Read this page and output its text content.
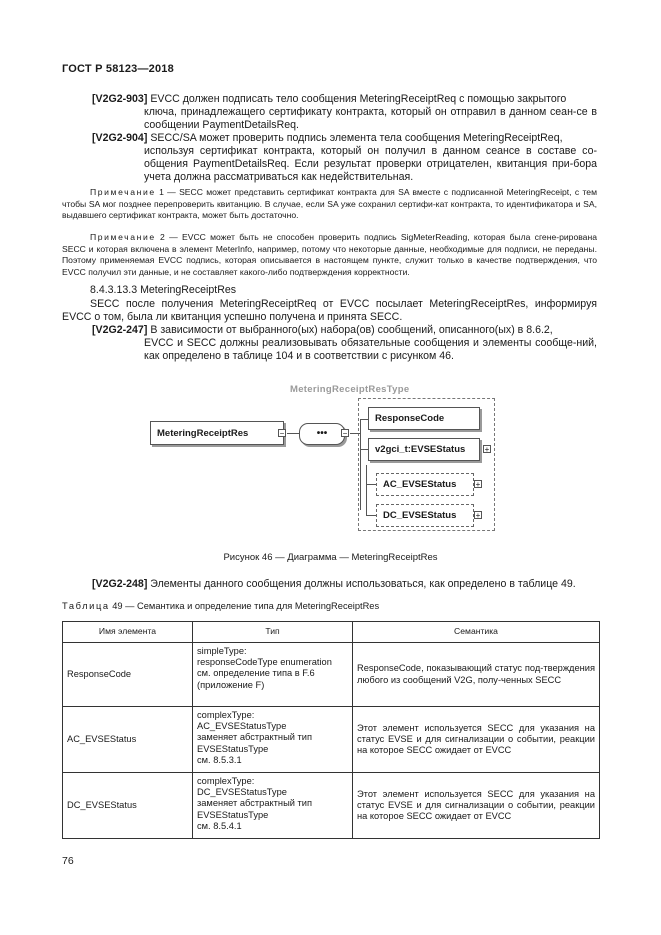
ГОСТ Р 58123—2018
[V2G2-903] EVCC должен подписать тело сообщения MeteringReceiptReq с помощью закрытого
ключа, принадлежащего сертификату контракта, который он отправил в данном сеан-се в сообщении PaymentDetailsReq.
[V2G2-904] SECC/SA может проверить подпись элемента тела сообщения MeteringReceiptReq,
используя сертификат контракта, который он получил в данном сеансе в составе со-общения PaymentDetailsReq. Если результат проверки отрицателен, квитанция при-бора учета должна рассматриваться как недействительная.
Примечание 1 — SECC может представить сертификат контракта для SA вместе с подписанной MeteringReceipt, с тем чтобы SA мог позднее перепроверить квитанцию. В случае, если SA уже сохранил сертифи-кат контракта, то идентификатора и SA, выдавшего сертификат контракта, может быть достаточно.
Примечание 2 — EVCC может быть не способен проверить подпись SigMeterReading, которая была сгене-рирована SECC и которая включена в элемент MeterInfo, например, потому что некоторые данные, необходимые для подписи, не переданы. Поэтому применяемая EVCC подпись, которая описывается в настоящем пункте, служит только в качестве подтверждения, что EVCC получил эти данные, и не составляет какого-либо подтверждения корректности.
8.4.3.13.3 MeteringReceiptRes
SECC после получения MeteringReceiptReq от EVCC посылает MeteringReceiptRes, информируя EVCC о том, была ли квитанция успешно получена и принята SECC.
[V2G2-247] В зависимости от выбранного(ых) набора(ов) сообщений, описанного(ых) в 8.6.2,
EVCC и SECC должны реализовывать обязательные сообщения и элементы сообще-ний, как определено в таблице 104 и в соответствии с рисунком 46.
MeteringReceiptResType
MeteringReceiptRes	−	•••	−
ResponseCode
v2gci_t:EVSEStatus +
AC_EVSEStatus +
DC_EVSEStatus +
Рисунок 46 — Диаграмма — MeteringReceiptRes
[V2G2-248] Элементы данного сообщения должны использоваться, как определено в таблице 49.
Таблица 49 — Семантика и определение типа для MeteringReceiptRes
Имя элемента	Тип	Семантика
ResponseCode	simpleType:
responseCodeType enumeration
см. определение типа в F.6
(приложение F)	ResponseCode, показывающий статус под-тверждения любого из сообщений V2G, полу-ченных SECC
AC_EVSEStatus	complexType:
AC_EVSEStatusType
заменяет абстрактный тип
EVSEStatusType
см. 8.5.3.1	Этот элемент используется SECC для указания на статус EVSE и для сигнализации о событии, реакции на которое SECC ожидает от EVCC
DC_EVSEStatus	complexType:
DC_EVSEStatusType
заменяет абстрактный тип
EVSEStatusType
см. 8.5.4.1	Этот элемент используется SECC для указания на статус EVSE и для сигнализации о событии, реакции на которое SECC ожидает от EVCC
76
